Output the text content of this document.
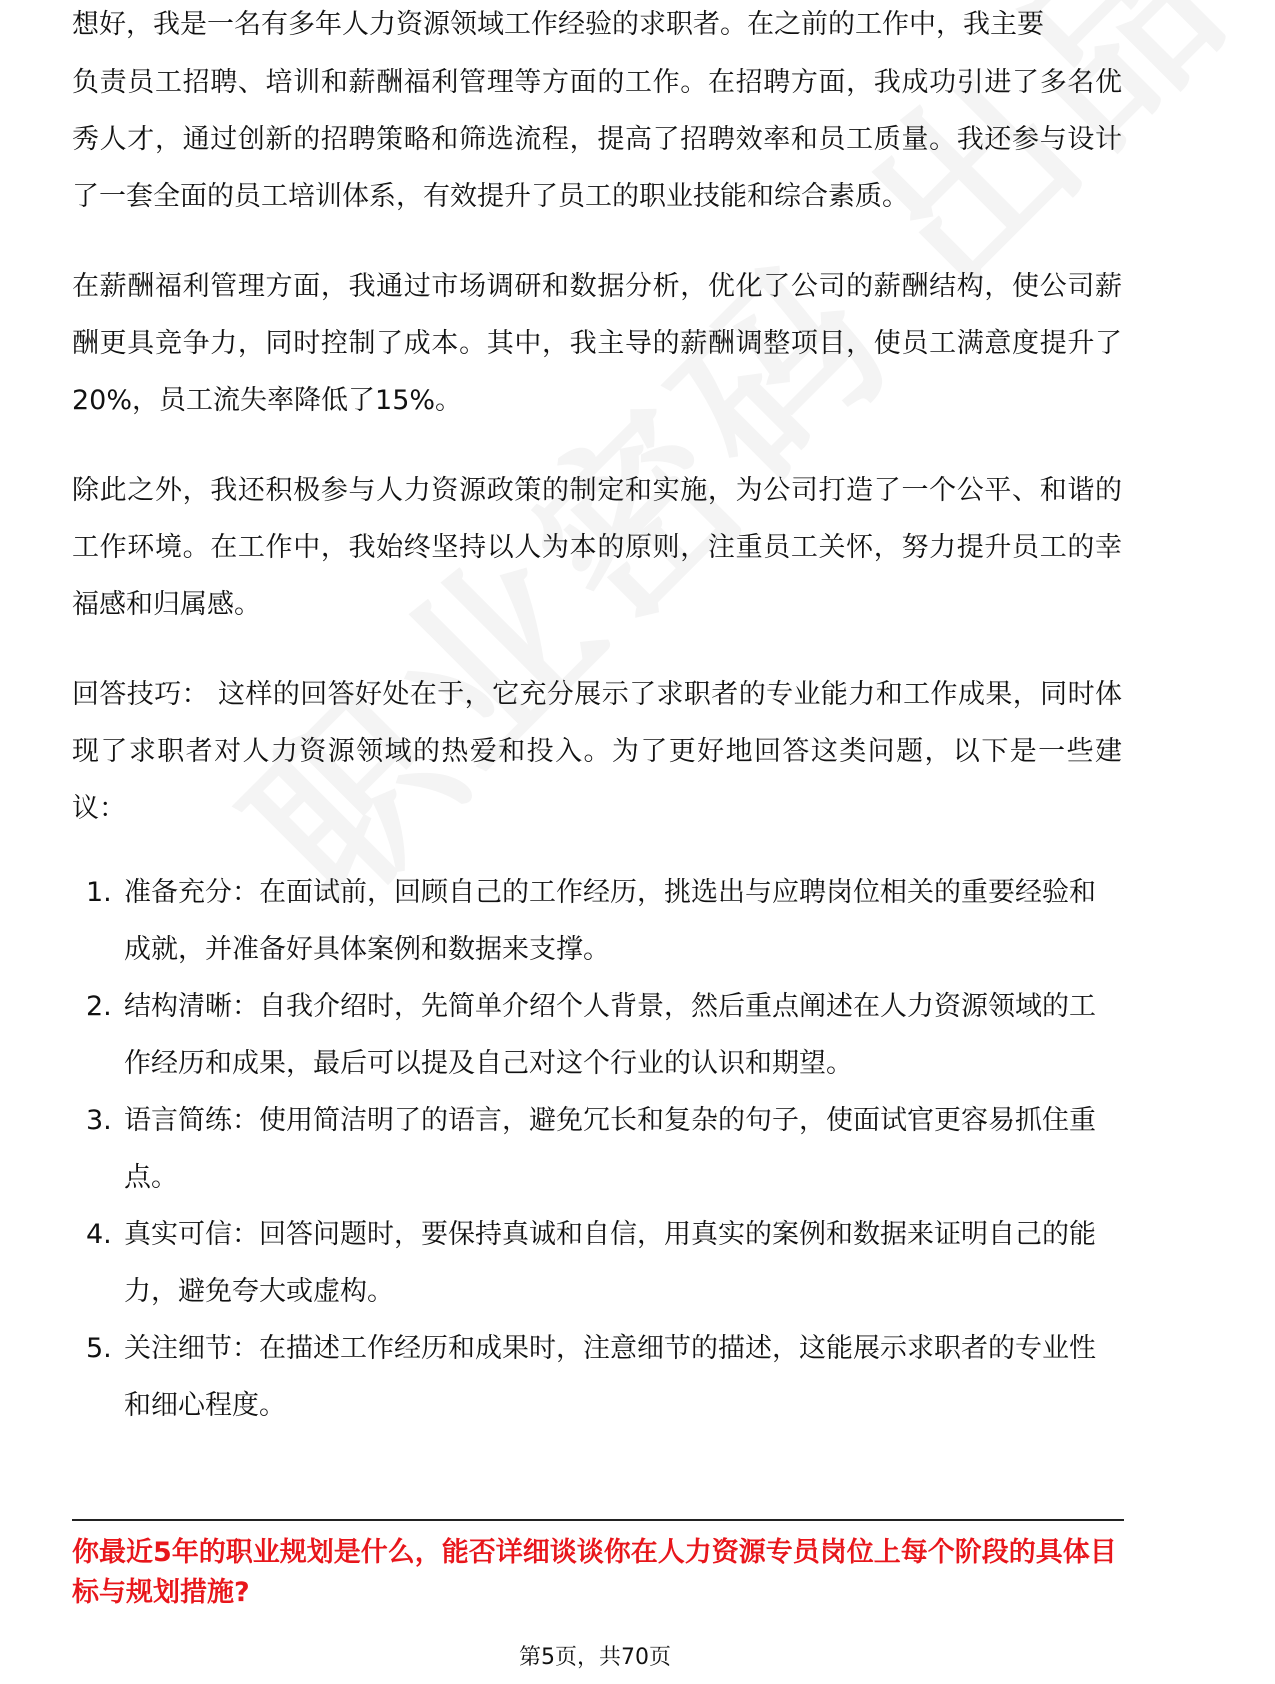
想好，我是一名有多年人力资源领域工作经验的求职者。在之前的工作中，我主要

负责员工招聘、培训和薪酬福利管理等方面的工作。在招聘方面，我成功引进了多名优秀人才，通过创新的招聘策略和筛选流程，提高了招聘效率和员工质量。我还参与设计了一套全面的员工培训体系，有效提升了员工的职业技能和综合素质。

在薪酬福利管理方面，我通过市场调研和数据分析，优化了公司的薪酬结构，使公司薪酬更具竞争力，同时控制了成本。其中，我主导的薪酬调整项目，使员工满意度提升了20%，员工流失率降低了15%。

除此之外，我还积极参与人力资源政策的制定和实施，为公司打造了一个公平、和谐的工作环境。在工作中，我始终坚持以人为本的原则，注重员工关怀，努力提升员工的幸福感和归属感。

回答技巧： 这样的回答好处在于，它充分展示了求职者的专业能力和工作成果，同时体现了求职者对人力资源领域的热爱和投入。为了更好地回答这类问题，以下是一些建议：

1. 准备充分：在面试前，回顾自己的工作经历，挑选出与应聘岗位相关的重要经验和成就，并准备好具体案例和数据来支撑。
2. 结构清晰：自我介绍时，先简单介绍个人背景，然后重点阐述在人力资源领域的工作经历和成果，最后可以提及自己对这个行业的认识和期望。
3. 语言简练：使用简洁明了的语言，避免冗长和复杂的句子，使面试官更容易抓住重点。
4. 真实可信：回答问题时，要保持真诚和自信，用真实的案例和数据来证明自己的能力，避免夸大或虚构。
5. 关注细节：在描述工作经历和成果时，注意细节的描述，这能展示求职者的专业性和细心程度。
你最近5年的职业规划是什么，能否详细谈谈你在人力资源专员岗位上每个阶段的具体目标与规划措施?
第5页，共70页
